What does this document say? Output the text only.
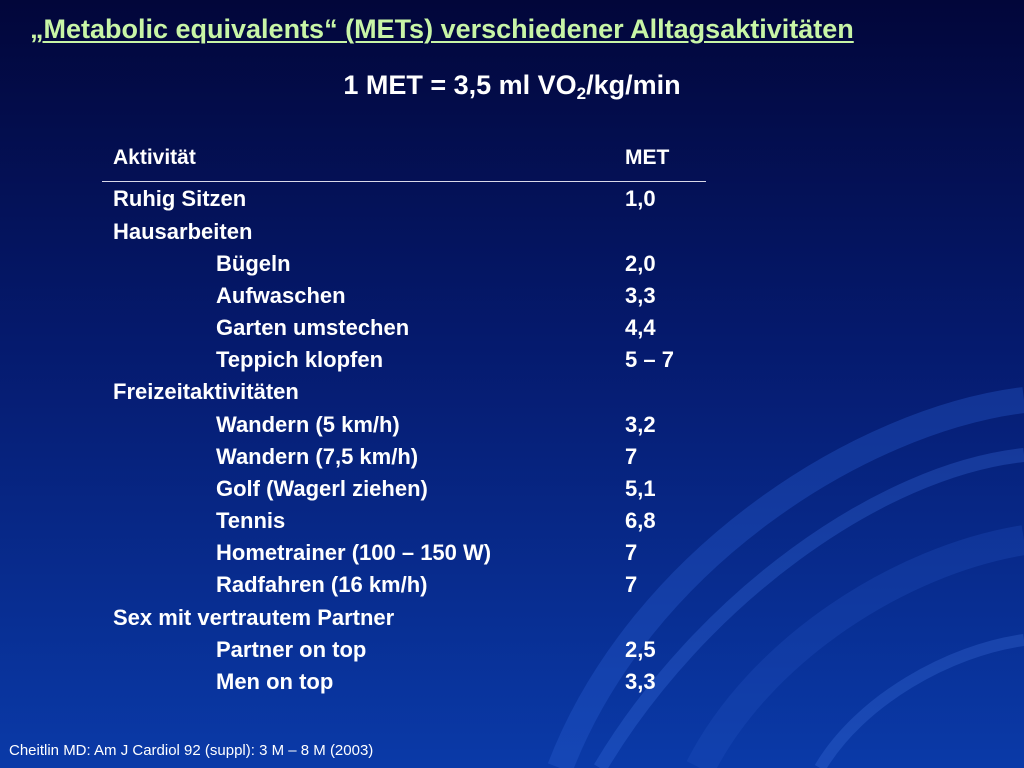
„Metabolic equivalents“ (METs) verschiedener Alltagsaktivitäten
1 MET = 3,5 ml $VO_2/kg/\min$
Aktivität	MET
Ruhig Sitzen	1,0
Hausarbeiten
Bügeln	2,0
Aufwaschen	3,3
Garten umstechen	4,4
Teppich klopfen	5 – 7
Freizeitaktivitäten
Wandern (5 km/h)	3,2
Wandern (7,5 km/h)	7
Golf (Wagerl ziehen)	5,1
Tennis	6,8
Hometrainer (100 – 150 W)	7
Radfahren (16 km/h)	7
Sex mit vertrautem Partner
Partner on top	2,5
Men on top	3,3
Cheitlin MD: Am J Cardiol 92 (suppl): 3 M – 8 M (2003)
